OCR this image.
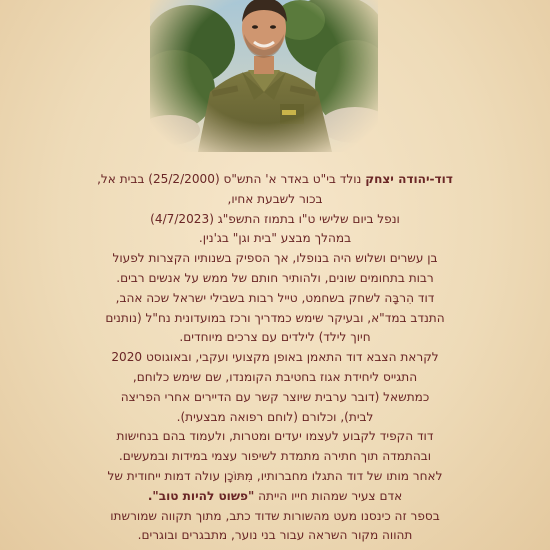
דוד-יהודה יצחק נולד בי"ט באדר א' התש"ס (25/2/2000) בבית אל,
בכור לשבעת אחיו,
ונפל ביום שלישי ט"ו בתמוז התשפ"ג (4/7/2023)
במהלך מבצע "בית וגן" בג'נין.
בן עשרים ושלוש היה בנופלו, אך הספיק בשנותיו הקצרות לפעול
רבות בתחומים שונים, ולהותיר חותם של ממש על אנשים רבים.
דוד הִרבָּה לשחק בשחמט, טייל רבות בשבילי ישראל שכה אהב,
התנדב במד"א, ובעיקר שימש כמדריך ורכז במועדונית נח"ל (נותנים
חיוך לילד) לילדים עם צרכים מיוחדים.
לקראת הצבא דוד התאמן באופן מקצועי ועקבי, ובאוגוסט 2020
התגייס ליחידת אגוז בחטיבת הקומנדו, שם שימש כלוחם,
כמתשאל (דובר ערבית שיוצר קשר עם הדיירים אחרי הפריצה
לבית), וכלורם (לוחם רפואה מבצעית).
דוד הקפיד לקבוע לעצמו יעדים ומטרות, ולעמוד בהם בנחישות
ובהתמדה תוך חתירה מתמדת לשיפור עצמי במידות ובמעשים.
לאחר מותו של דוד התגלו מחברותיו, מִתּוֹכָן עולה דמות ייחודית של
אדם צעיר שמהות חייו הייתה "פשוט להיות טוב".
בספר זה כינסנו מעט מהשורות שדוד כתב, מתוך תקווה שמורשתו
תהווה מקור השראה עבור בני נוער, מתבגרים ובוגרים.
